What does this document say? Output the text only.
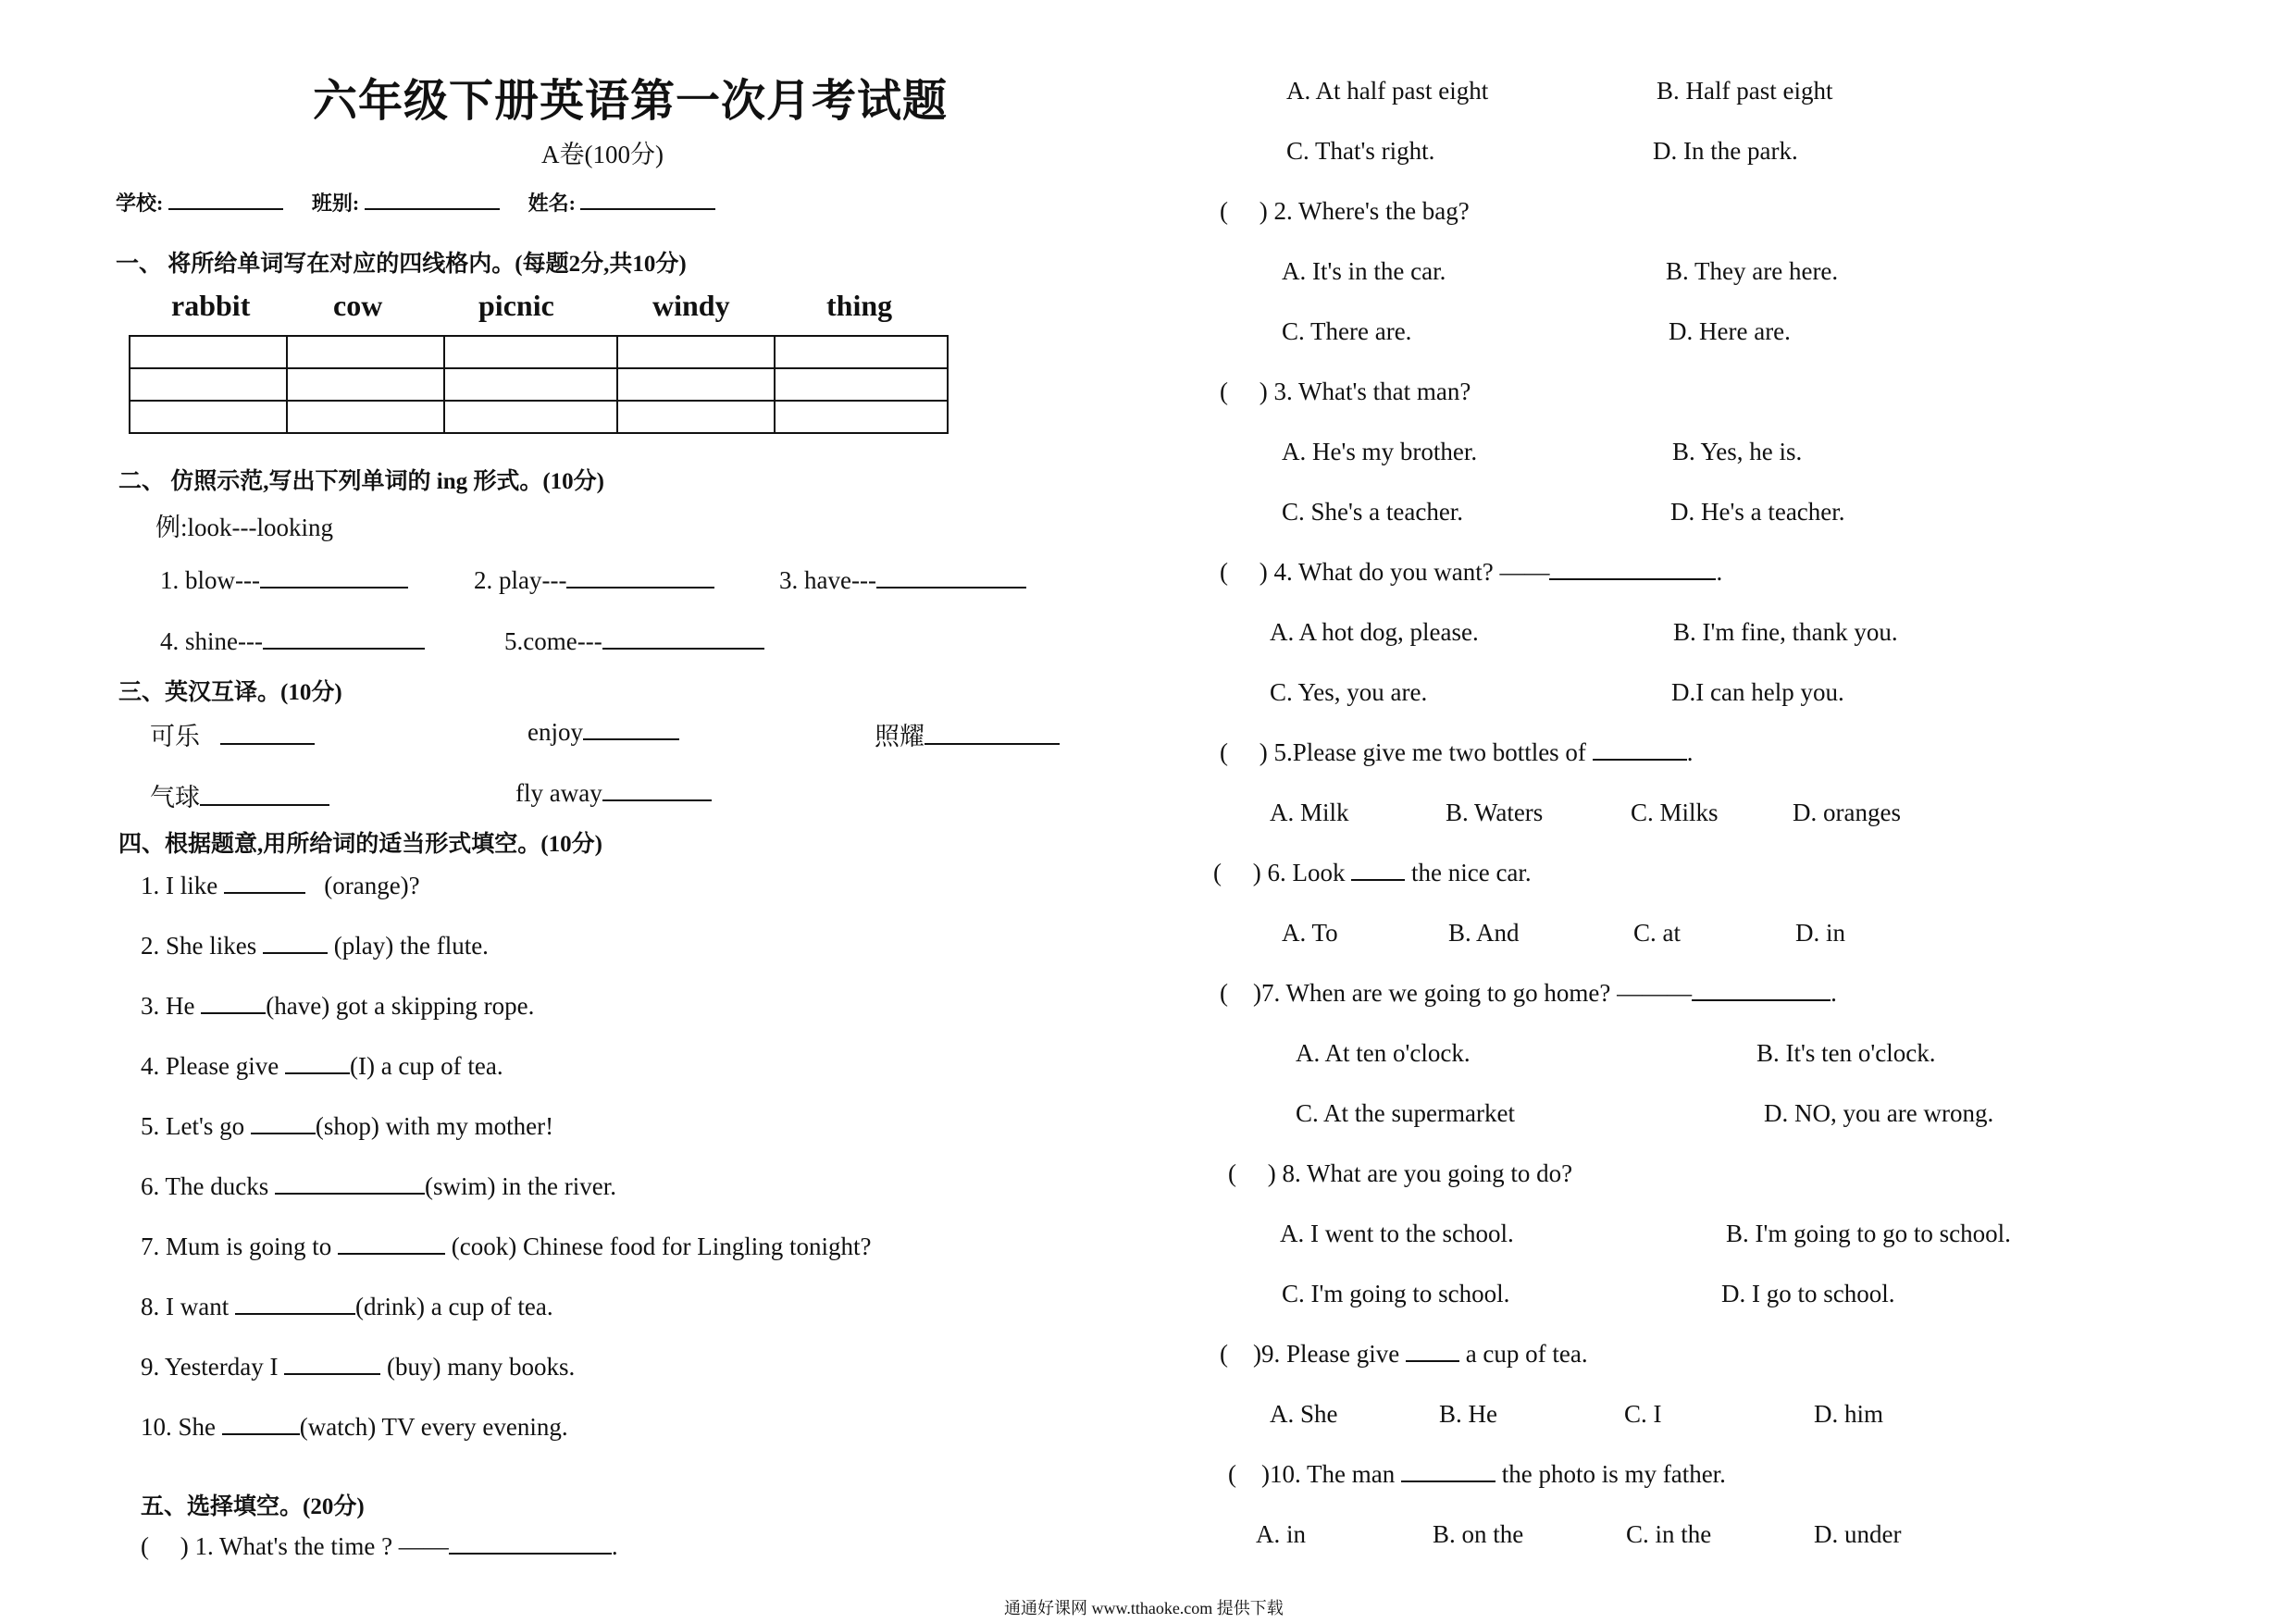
六年级下册英语第一次月考试题
A卷(100分)
学校:	班别:	姓名:
一、 将所给单词写在对应的四线格内。(每题2分,共10分)
rabbit	cow	picnic	windy	thing

二、 仿照示范,写出下列单词的 ing 形式。(10分)
例:look---looking
1. blow---	2. play---	3. have---
4. shine---	5.come---
三、英汉互译。(10分)
可乐	enjoy	照耀
气球	fly away
四、根据题意,用所给词的适当形式填空。(10分)
1. I like	(orange)?
2. She likes	(play) the flute.
3. He	(have) got a skipping rope.
4. Please give	(I) a cup of tea.
5. Let's go	(shop) with my mother!
6. The ducks	(swim) in the river.
7. Mum is going to	(cook) Chinese food for Lingling tonight?
8. I want	(drink) a cup of tea.
9. Yesterday I	(buy) many books.
10. She	(watch) TV every evening.
五、选择填空。(20分)
( ) 1. What's the time ? ——	.
A. At half past eight	B. Half past eight
C. That's right.	D. In the park.
( ) 2. Where's the bag?
A. It's in the car.	B. They are here.
C. There are.	D. Here are.
( ) 3. What's that man?
A. He's my brother.	B. Yes, he is.
C. She's a teacher.	D. He's a teacher.
( ) 4. What do you want? ——	.
A. A hot dog, please.	B. I'm fine, thank you.
C. Yes, you are.	D.I can help you.
( ) 5.Please give me two bottles of	.
A. Milk	B. Waters	C. Milks	D. oranges
( ) 6. Look	the nice car.
A. To	B. And	C. at	D. in
( )7. When are we going to go home? ———	.
A. At ten o'clock.	B. It's ten o'clock.
C. At the supermarket	D. NO, you are wrong.
( ) 8. What are you going to do?
A. I went to the school.	B. I'm going to go to school.
C. I'm going to school.	D. I go to school.
( )9. Please give	a cup of tea.
A. She	B. He	C. I	D. him
( )10. The man	the photo is my father.
A. in	B. on the	C. in the	D. under
通通好课网 www.tthaoke.com 提供下载
